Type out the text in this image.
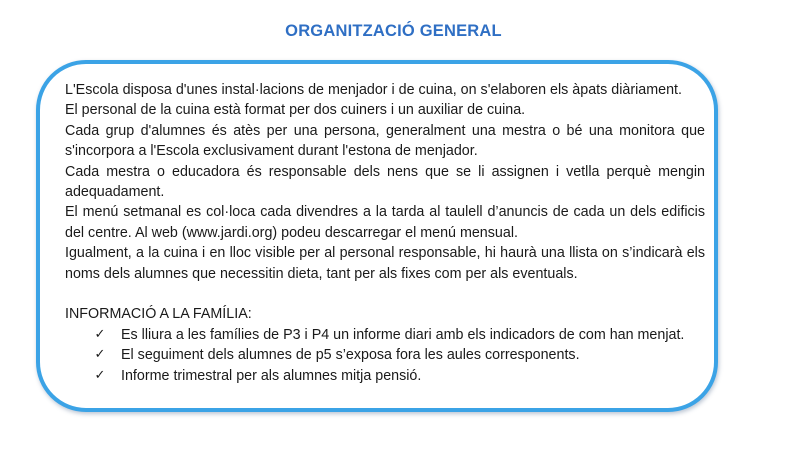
ORGANITZACIÓ GENERAL

L'Escola disposa d'unes instal·lacions de menjador i de cuina, on s'elaboren els àpats diàriament.

El personal de la cuina està format per dos cuiners i un auxiliar de cuina.

Cada grup d'alumnes és atès per una persona, generalment una mestra o bé una monitora que s'incorpora a l'Escola exclusivament durant l'estona de menjador.

Cada mestra o educadora és responsable dels nens que se li assignen i vetlla perquè mengin adequadament.

El menú setmanal es col·loca cada divendres a la tarda al taulell d’anuncis de cada un dels edificis del centre. Al web (www.jardi.org) podeu descarregar el menú mensual.

Igualment, a la cuina i en lloc visible per al personal responsable, hi haurà una llista on s’indicarà els noms dels alumnes que necessitin dieta, tant per als fixes com per als eventuals.

INFORMACIÓ A LA FAMÍLIA:

✓ Es lliura a les famílies de P3 i P4 un informe diari amb els indicadors de com han menjat.
✓ El seguiment dels alumnes de p5 s’exposa fora les aules corresponents.
✓ Informe trimestral per als alumnes mitja pensió.
